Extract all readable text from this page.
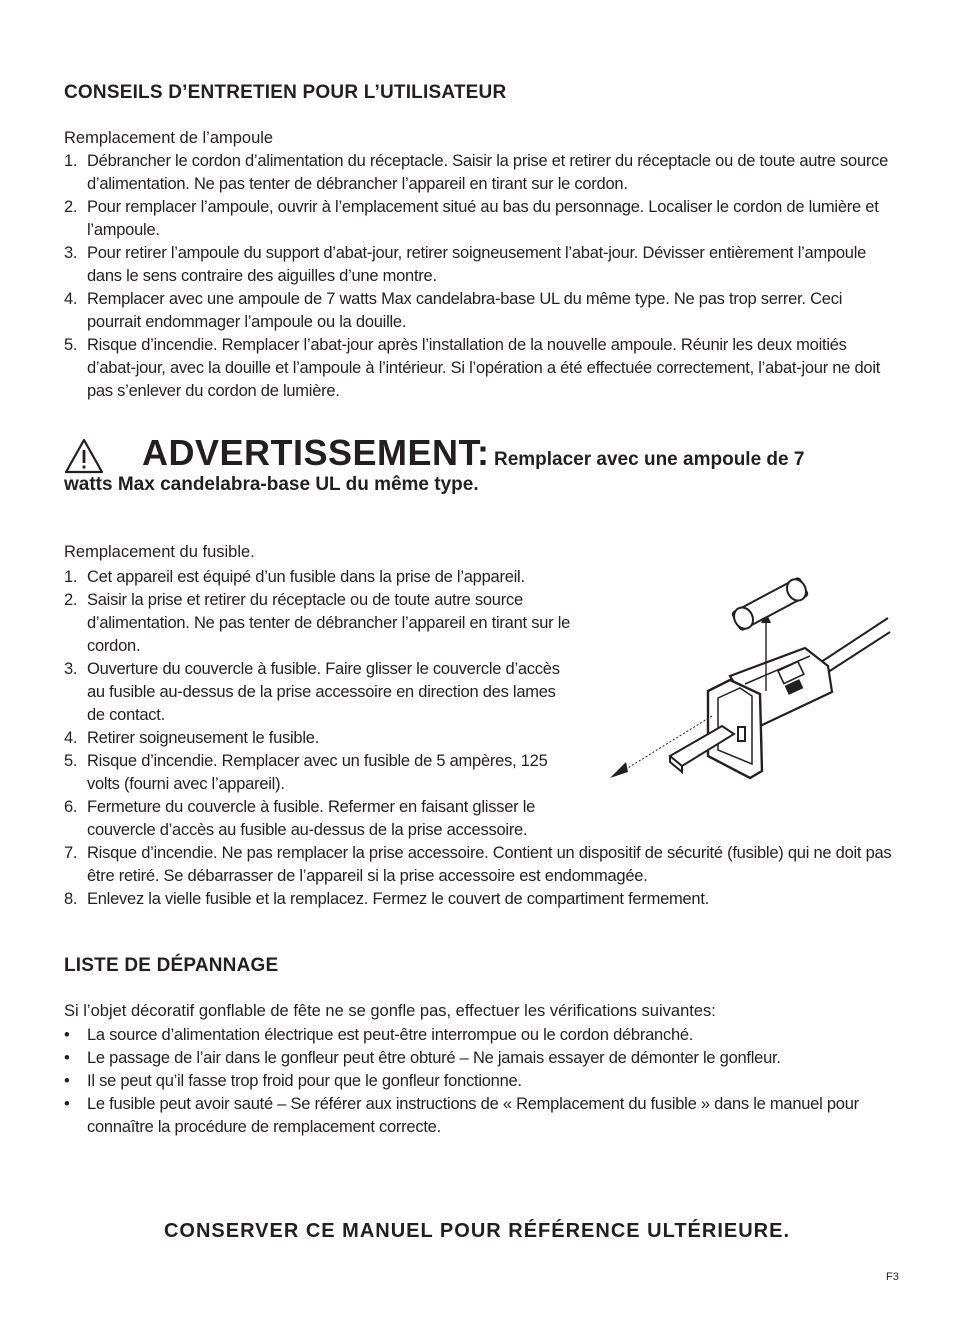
CONSEILS D’ENTRETIEN POUR L’UTILISATEUR

Remplacement de l’ampoule

1. Débrancher le cordon d’alimentation du réceptacle. Saisir la prise et retirer du réceptacle ou de toute autre source d’alimentation. Ne pas tenter de débrancher l’appareil en tirant sur le cordon.
2. Pour remplacer l’ampoule, ouvrir à l’emplacement situé au bas du personnage. Localiser le cordon de lumière et l’ampoule.
3. Pour retirer l’ampoule du support d’abat-jour, retirer soigneusement l’abat-jour. Dévisser entièrement l’ampoule dans le sens contraire des aiguilles d’une montre.
4. Remplacer avec une ampoule de 7 watts Max candelabra-base UL du même type. Ne pas trop serrer. Ceci pourrait endommager l’ampoule ou la douille.
5. Risque d’incendie. Remplacer l’abat-jour après l’installation de la nouvelle ampoule. Réunir les deux moitiés d’abat-jour, avec la douille et l’ampoule à l’intérieur. Si l’opération a été effectuée correctement, l’abat-jour ne doit pas s’enlever du cordon de lumière.
ADVERTISSEMENT: Remplacer avec une ampoule de 7
watts Max candelabra-base UL du même type.

Remplacement du fusible.

1. Cet appareil est équipé d’un fusible dans la prise de l’appareil.
2. Saisir la prise et retirer du réceptacle ou de toute autre source d’alimentation. Ne pas tenter de débrancher l’appareil en tirant sur le cordon.
3. Ouverture du couvercle à fusible. Faire glisser le couvercle d’accès au fusible au-dessus de la prise accessoire en direction des lames de contact.
4. Retirer soigneusement le fusible.
5. Risque d’incendie. Remplacer avec un fusible de 5 ampères, 125 volts (fourni avec l’appareil).
6. Fermeture du couvercle à fusible. Refermer en faisant glisser le couvercle d’accès au fusible au-dessus de la prise accessoire.
7. Risque d’incendie. Ne pas remplacer la prise accessoire. Contient un dispositif de sécurité (fusible) qui ne doit pas être retiré. Se débarrasser de l’appareil si la prise accessoire est endommagée.
8. Enlevez la vielle fusible et la remplacez. Fermez le couvert de compartiment fermement.
LISTE DE DÉPANNAGE

Si l’objet décoratif gonflable de fête ne se gonfle pas, effectuer les vérifications suivantes:

• La source d’alimentation électrique est peut-être interrompue ou le cordon débranché.
• Le passage de l’air dans le gonfleur peut être obturé – Ne jamais essayer de démonter le gonfleur.
• Il se peut qu’il fasse trop froid pour que le gonfleur fonctionne.
• Le fusible peut avoir sauté – Se référer aux instructions de « Remplacement du fusible » dans le manuel pour connaître la procédure de remplacement correcte.
CONSERVER CE MANUEL POUR RÉFÉRENCE ULTÉRIEURE.
F3
